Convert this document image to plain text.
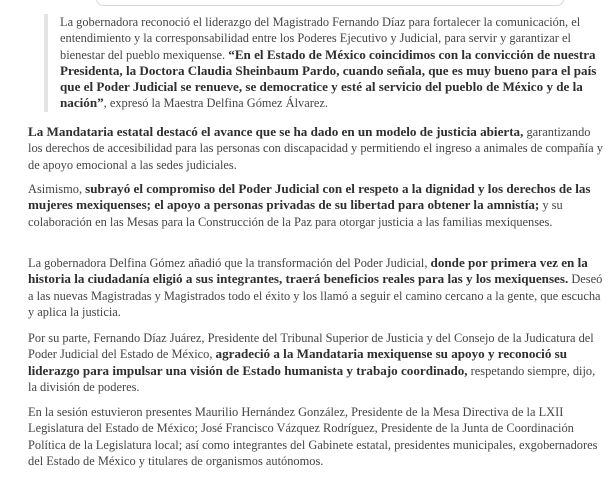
La gobernadora reconoció el liderazgo del Magistrado Fernando Díaz para fortalecer la comunicación, el entendimiento y la corresponsabilidad entre los Poderes Ejecutivo y Judicial, para servir y garantizar el bienestar del pueblo mexiquense. “En el Estado de México coincidimos con la convicción de nuestra Presidenta, la Doctora Claudia Sheinbaum Pardo, cuando señala, que es muy bueno para el país que el Poder Judicial se renueve, se democratice y esté al servicio del pueblo de México y de la nación”, expresó la Maestra Delfina Gómez Álvarez.

La Mandataria estatal destacó el avance que se ha dado en un modelo de justicia abierta, garantizando los derechos de accesibilidad para las personas con discapacidad y permitiendo el ingreso a animales de compañía y de apoyo emocional a las sedes judiciales.

Asimismo, subrayó el compromiso del Poder Judicial con el respeto a la dignidad y los derechos de las mujeres mexiquenses; el apoyo a personas privadas de su libertad para obtener la amnistía; y su colaboración en las Mesas para la Construcción de la Paz para otorgar justicia a las familias mexiquenses.

La gobernadora Delfina Gómez añadió que la transformación del Poder Judicial, donde por primera vez en la historia la ciudadanía eligió a sus integrantes, traerá beneficios reales para las y los mexiquenses. Deseó a las nuevas Magistradas y Magistrados todo el éxito y los llamó a seguir el camino cercano a la gente, que escucha y aplica la justicia.

Por su parte, Fernando Díaz Juárez, Presidente del Tribunal Superior de Justicia y del Consejo de la Judicatura del Poder Judicial del Estado de México, agradeció a la Mandataria mexiquense su apoyo y reconoció su liderazgo para impulsar una visión de Estado humanista y trabajo coordinado, respetando siempre, dijo, la división de poderes.

En la sesión estuvieron presentes Maurilio Hernández González, Presidente de la Mesa Directiva de la LXII Legislatura del Estado de México; José Francisco Vázquez Rodríguez, Presidente de la Junta de Coordinación Política de la Legislatura local; así como integrantes del Gabinete estatal, presidentes municipales, exgobernadores del Estado de México y titulares de organismos autónomos.
